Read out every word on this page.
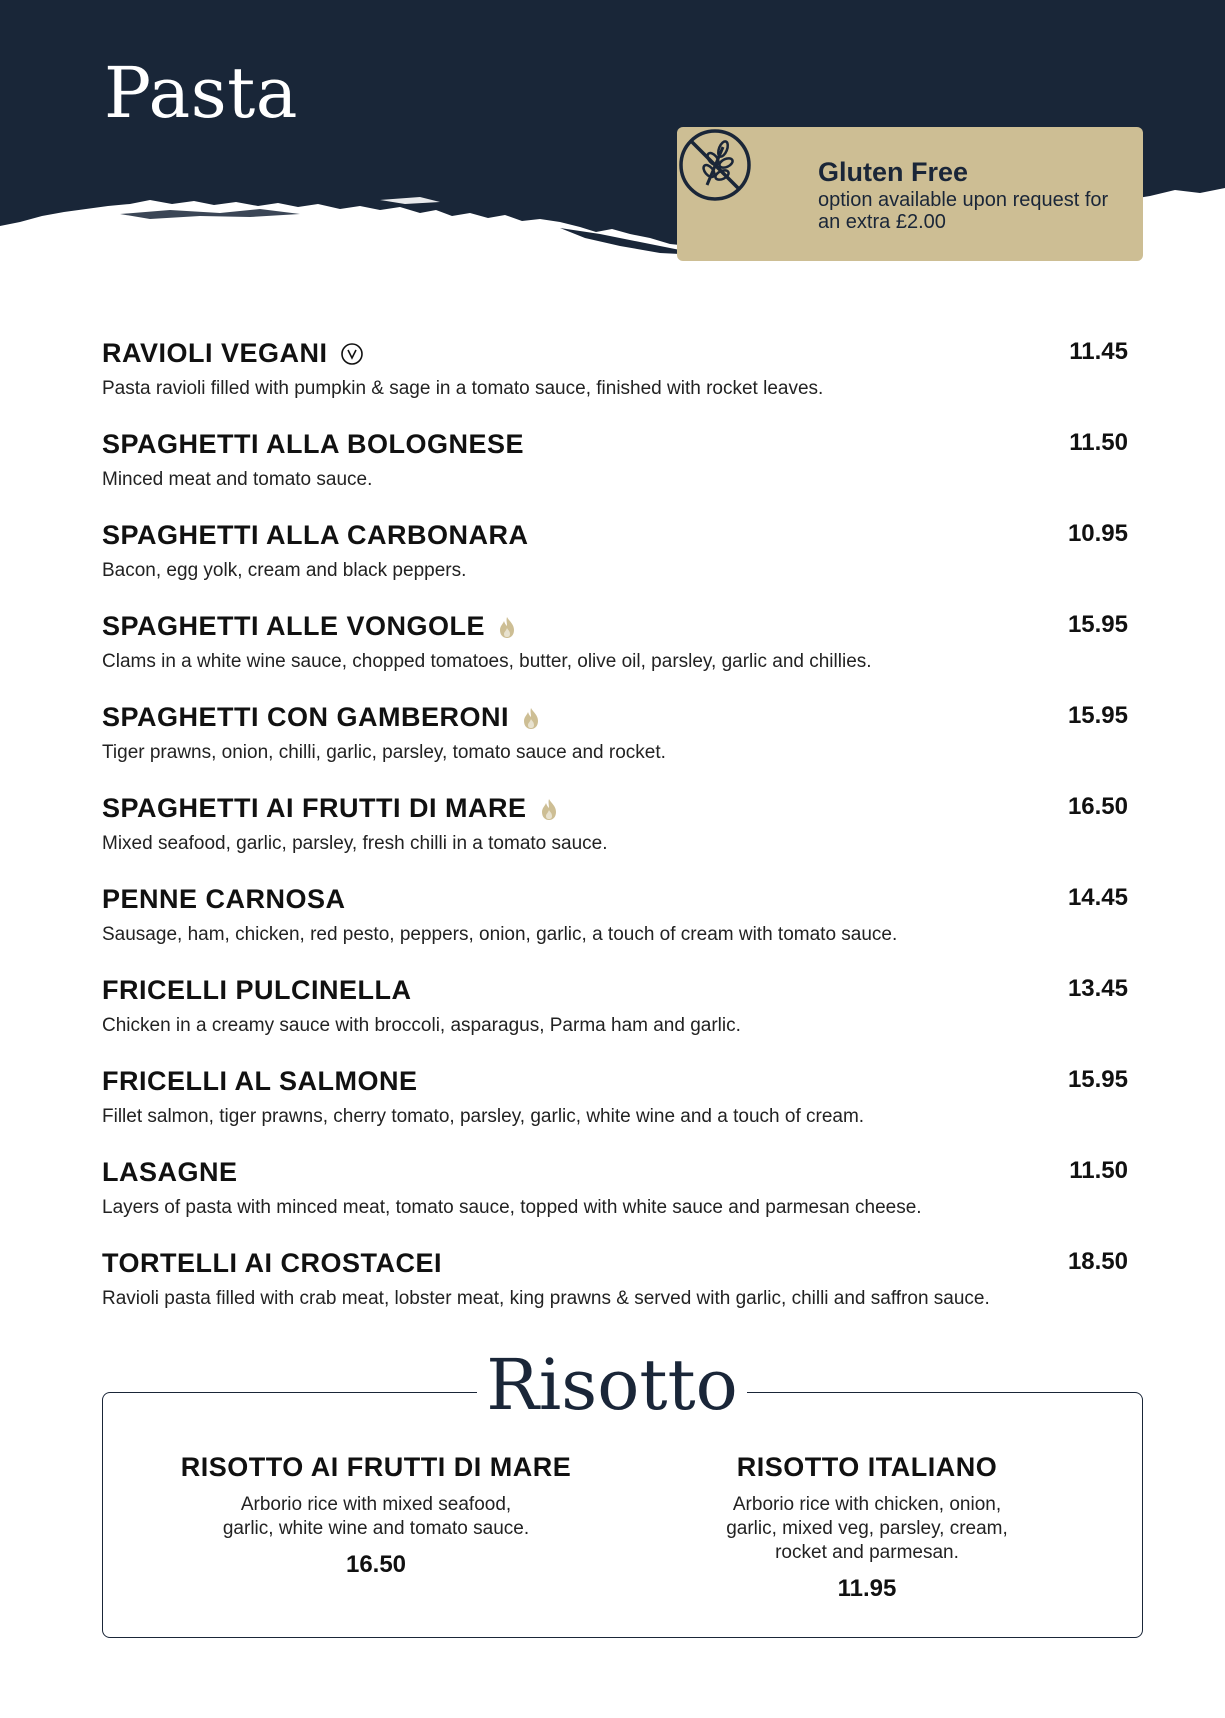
Pasta
Gluten Free
option available upon request for an extra £2.00
RAVIOLI VEGANI	11.45
Pasta ravioli filled with pumpkin & sage in a tomato sauce, finished with rocket leaves.
SPAGHETTI ALLA BOLOGNESE	11.50
Minced meat and tomato sauce.
SPAGHETTI ALLA CARBONARA	10.95
Bacon, egg yolk, cream and black peppers.
SPAGHETTI ALLE VONGOLE	15.95
Clams in a white wine sauce, chopped tomatoes, butter, olive oil, parsley, garlic and chillies.
SPAGHETTI CON GAMBERONI	15.95
Tiger prawns, onion, chilli, garlic, parsley, tomato sauce and rocket.
SPAGHETTI AI FRUTTI DI MARE	16.50
Mixed seafood, garlic, parsley, fresh chilli in a tomato sauce.
PENNE CARNOSA	14.45
Sausage, ham, chicken, red pesto, peppers, onion, garlic, a touch of cream with tomato sauce.
FRICELLI PULCINELLA	13.45
Chicken in a creamy sauce with broccoli, asparagus, Parma ham and garlic.
FRICELLI AL SALMONE	15.95
Fillet salmon, tiger prawns, cherry tomato, parsley, garlic, white wine and a touch of cream.
LASAGNE	11.50
Layers of pasta with minced meat, tomato sauce, topped with white sauce and parmesan cheese.
TORTELLI AI CROSTACEI	18.50
Ravioli pasta filled with crab meat, lobster meat, king prawns & served with garlic, chilli and saffron sauce.
Risotto
RISOTTO AI FRUTTI DI MARE
Arborio rice with mixed seafood, garlic, white wine and tomato sauce.
16.50
RISOTTO ITALIANO
Arborio rice with chicken, onion, garlic, mixed veg, parsley, cream, rocket and parmesan.
11.95
